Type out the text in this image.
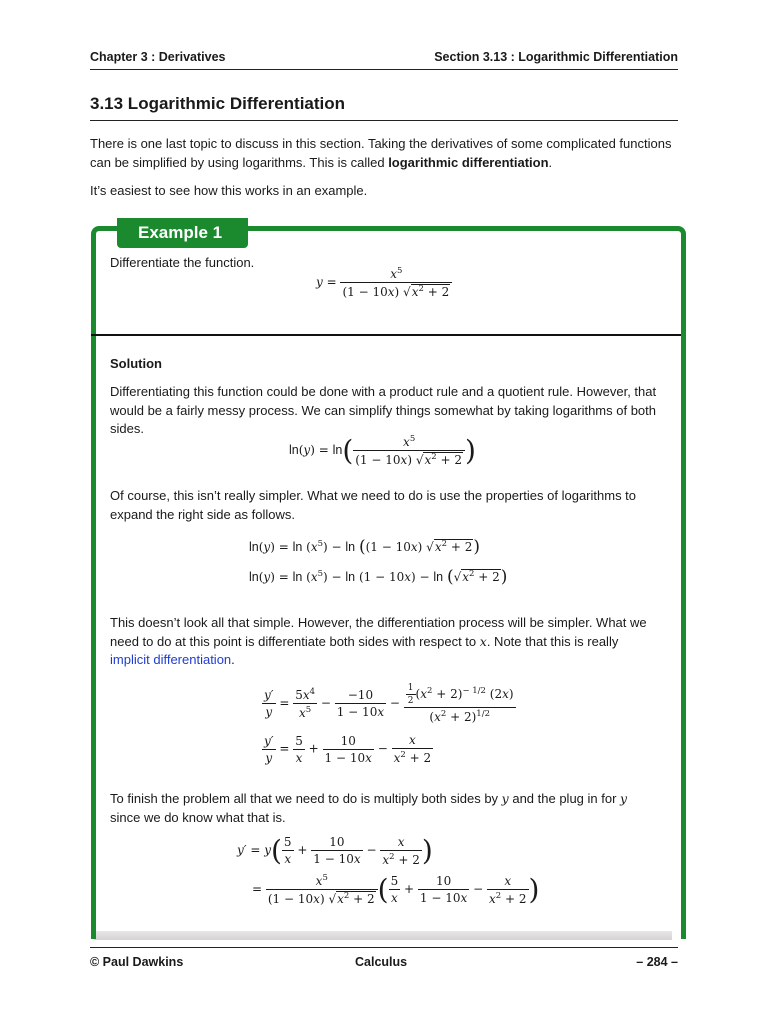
Chapter 3 : Derivatives	Section 3.13 : Logarithmic Differentiation
3.13 Logarithmic Differentiation
There is one last topic to discuss in this section. Taking the derivatives of some complicated functions can be simplified by using logarithms. This is called logarithmic differentiation.
It’s easiest to see how this works in an example.
Example 1
Differentiate the function.
$y = \frac{x^5}{(1 - 10x) √x^2 + 2}$
Solution
Differentiating this function could be done with a product rule and a quotient rule. However, that would be a fairly messy process. We can simplify things somewhat by taking logarithms of both sides.
$\ln(y) = \ln( \frac{x^5}{(1 - 10x) √x^2 + 2}$ )
Of course, this isn’t really simpler. What we need to do is use the properties of logarithms to expand the right side as follows.
$\ln(y) = \ln (x^5) - \ln ((1 - 10x) √x^2 + 2)$
$\ln(y) = \ln (x^5) - \ln (1 - 10x) - \ln (√x^2 + 2)$
This doesn’t look all that simple. However, the differentiation process will be simpler. What we need to do at this point is differentiate both sides with respect to x. Note that this is really implicit differentiation.
$\frac{y'}{y} = \frac{5x^4}{x^5} - \frac{-10}{1 - 10x} - \frac{\frac{1}{2} (x^2 + 2)^{- 1/2} (2x)}{(x^2 + 2)^{1/2}}$
$\frac{y'}{y} = \frac{5}{x} + \frac{10}{1 - 10x} - \frac{x}{x^2 + 2}$
To finish the problem all that we need to do is multiply both sides by y and the plug in for y since we do know what that is.
$y' = y( \frac{5}{x} + \frac{10}{1 - 10x} - \frac{x}{x^2 + 2}$ )
= $\frac{x^5}{(1 - 10x) √x^2 + 2}$ ( $\frac{5}{x} + \frac{10}{1 - 10x} - \frac{x}{x^2 + 2}$ )
© Paul Dawkins	Calculus	– 284 –
